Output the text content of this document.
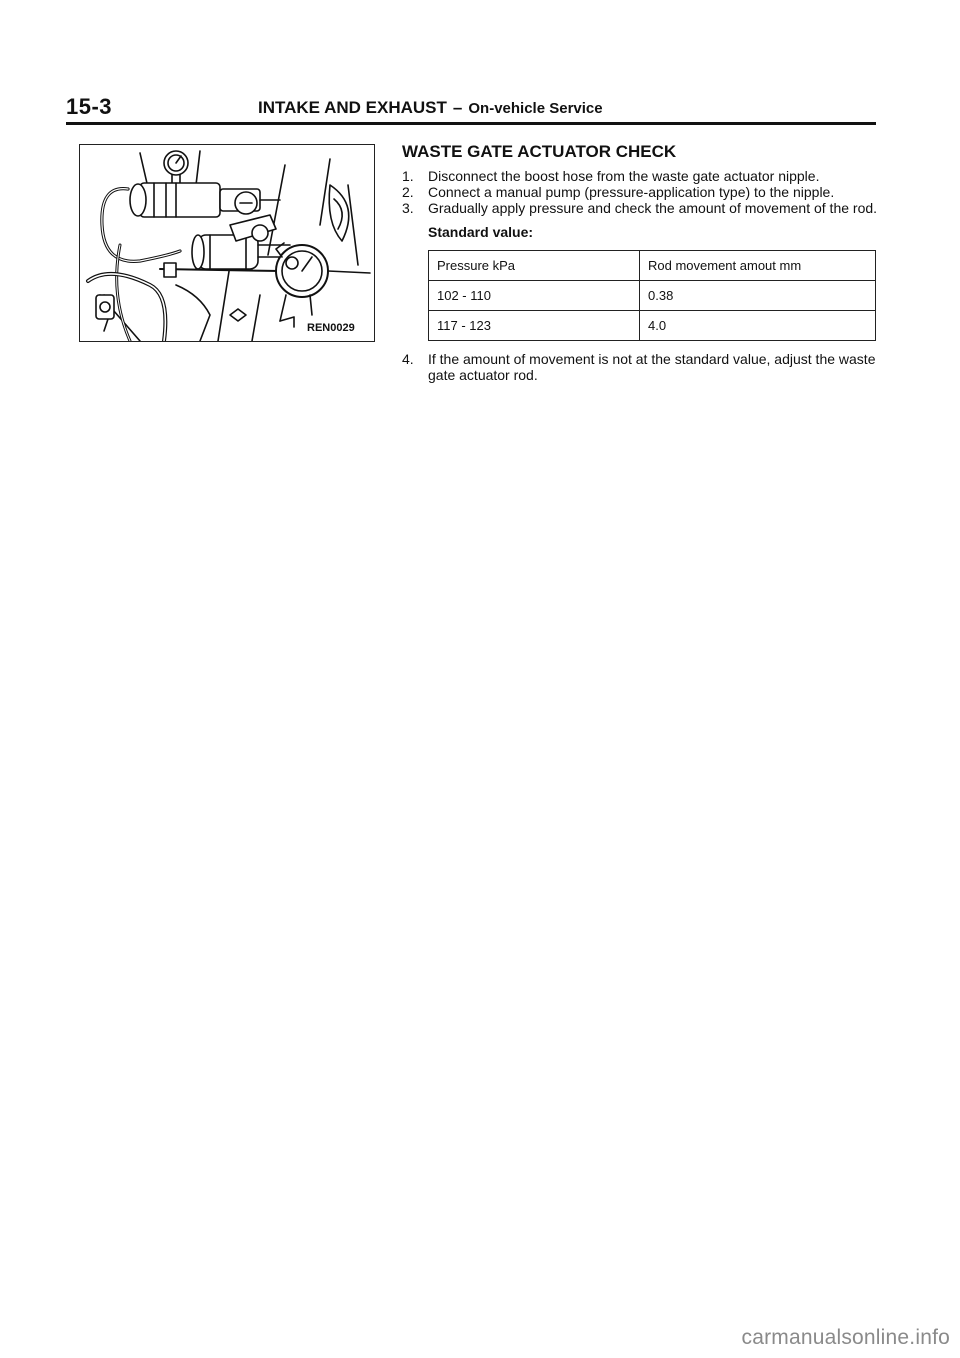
15-3	INTAKE AND EXHAUST – On-vehicle Service
REN0029
WASTE GATE ACTUATOR CHECK
1. Disconnect the boost hose from the waste gate actuator nipple.
2. Connect a manual pump (pressure-application type) to the nipple.
3. Gradually apply pressure and check the amount of movement of the rod.
Standard value:
Pressure kPa	Rod movement amout mm
102 - 110	0.38
117 - 123	4.0
4. If the amount of movement is not at the standard value, adjust the waste gate actuator rod.
carmanualsonline.info
